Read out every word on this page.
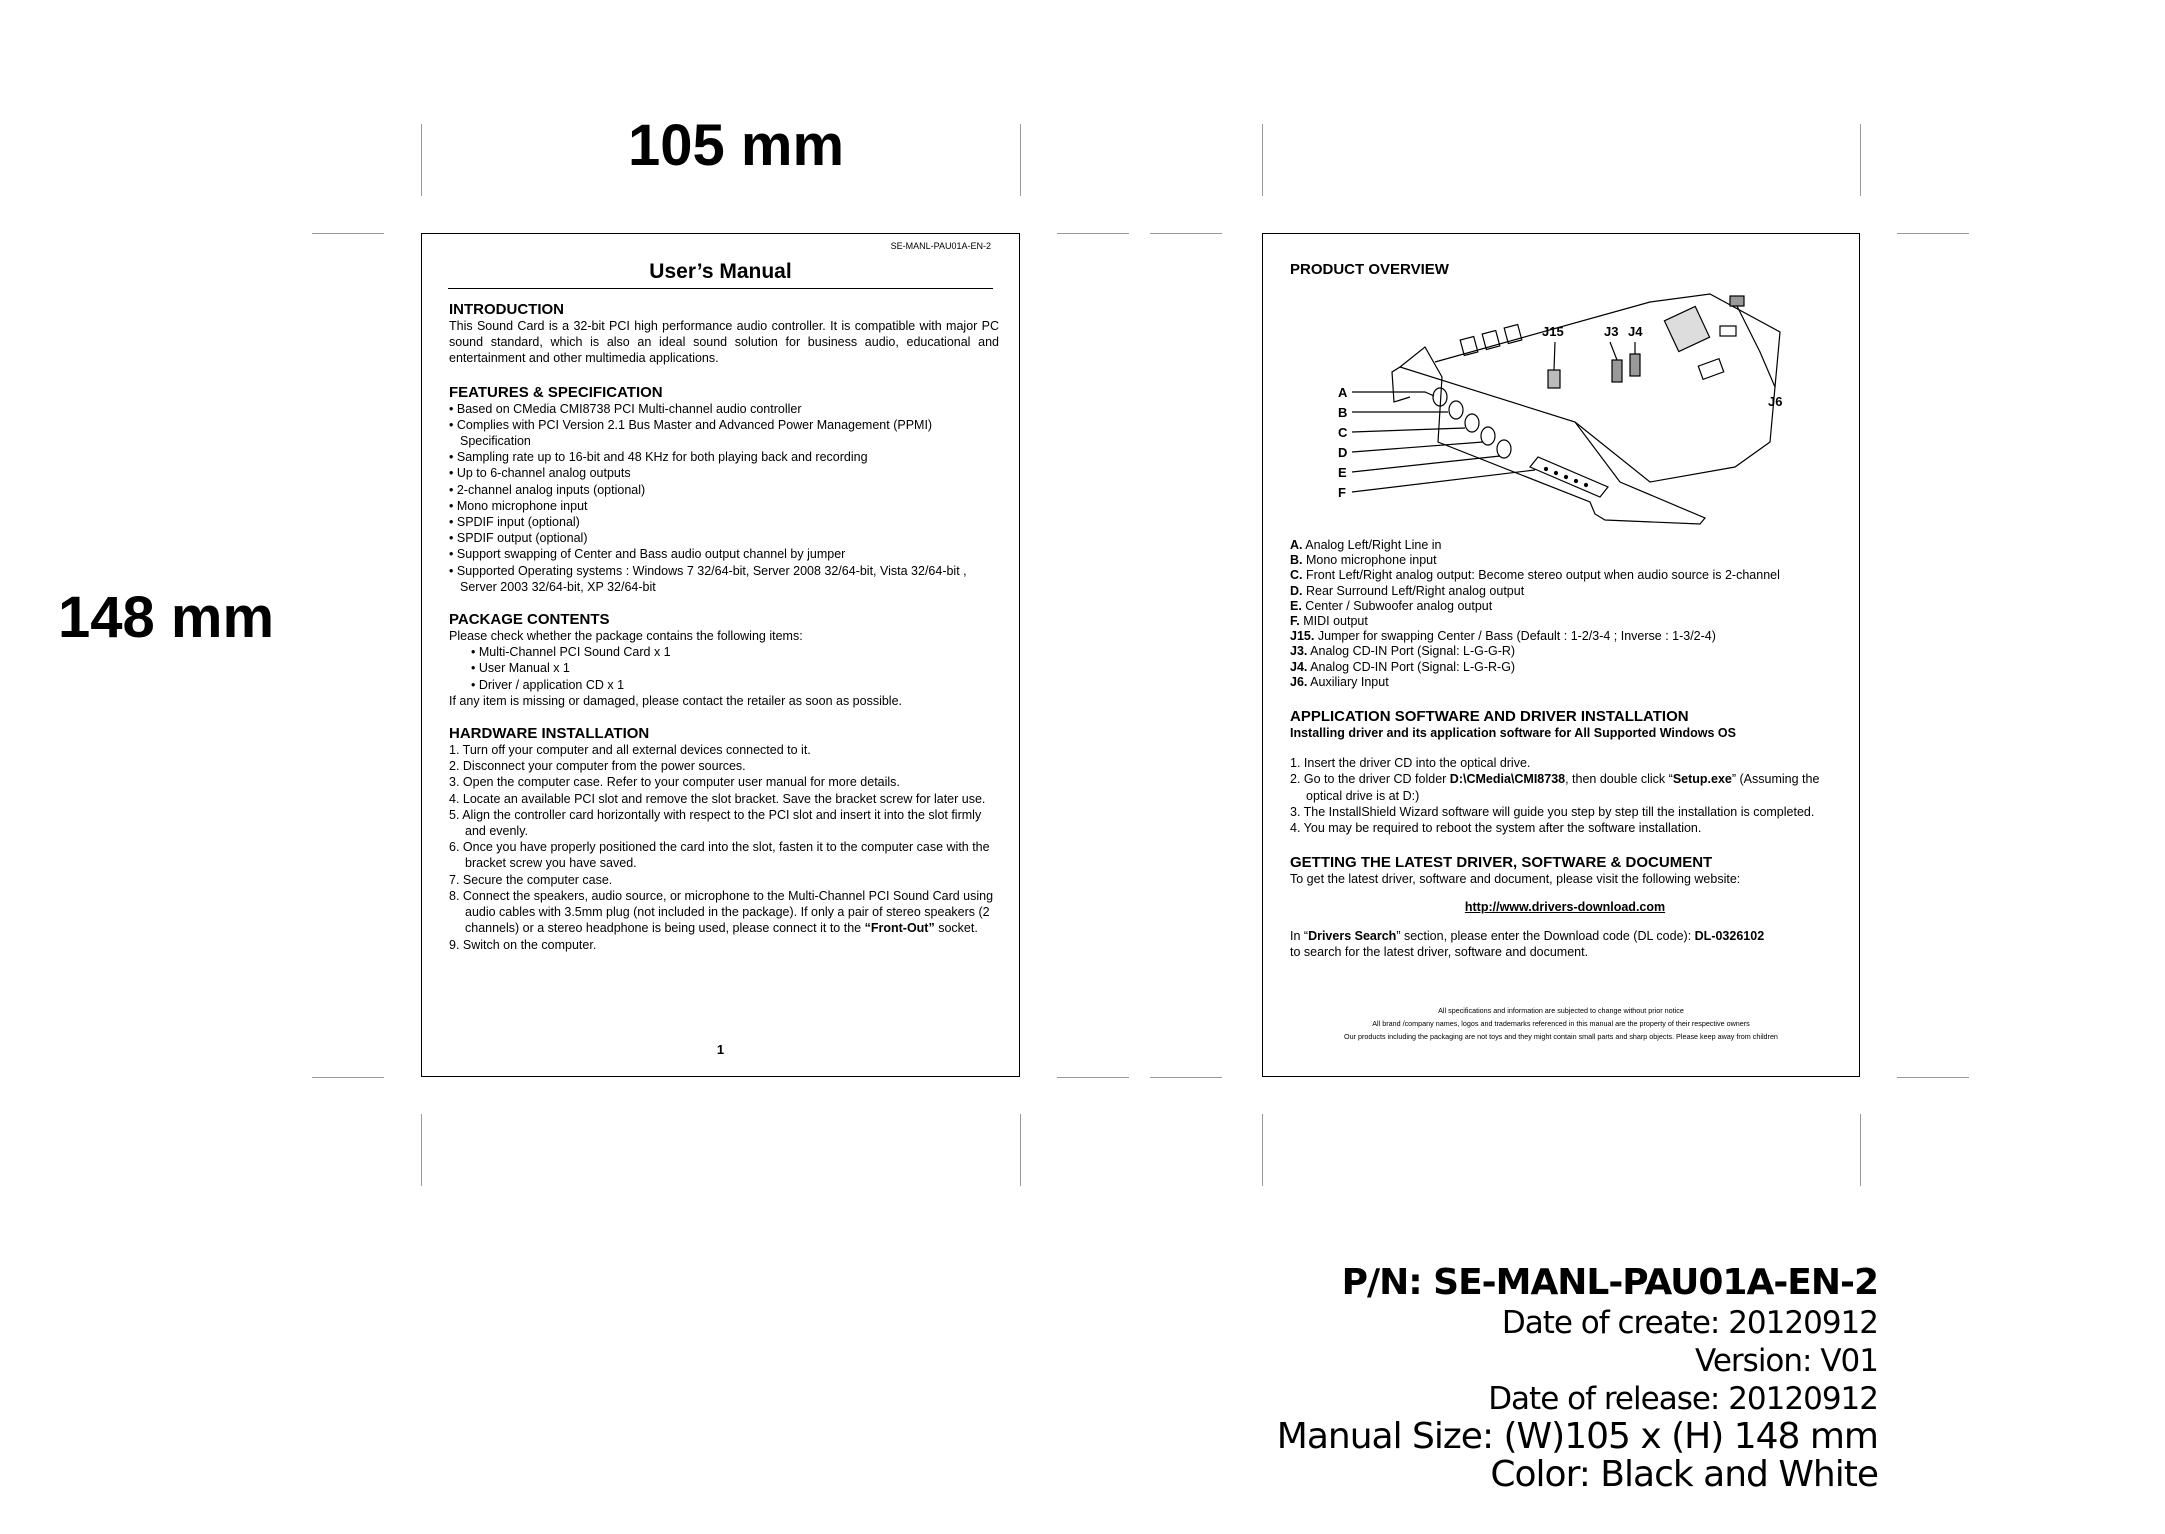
105 mm
148 mm
SE-MANL-PAU01A-EN-2
User’s Manual

INTRODUCTION

This Sound Card is a 32-bit PCI high performance audio controller. It is compatible with major PC sound standard, which is also an ideal sound solution for business audio, educational and entertainment and other multimedia applications.

FEATURES & SPECIFICATION

• Based on CMedia CMI8738 PCI Multi-channel audio controller
• Complies with PCI Version 2.1 Bus Master and Advanced Power Management (PPMI) Specification
• Sampling rate up to 16-bit and 48 KHz for both playing back and recording
• Up to 6-channel analog outputs
• 2-channel analog inputs (optional)
• Mono microphone input
• SPDIF input (optional)
• SPDIF output (optional)
• Support swapping of Center and Bass audio output channel by jumper
• Supported Operating systems : Windows 7 32/64-bit, Server 2008 32/64-bit, Vista 32/64-bit , Server 2003 32/64-bit, XP 32/64-bit

PACKAGE CONTENTS

Please check whether the package contains the following items:

• Multi-Channel PCI Sound Card x 1
• User Manual x 1
• Driver / application CD x 1

If any item is missing or damaged, please contact the retailer as soon as possible.

HARDWARE INSTALLATION

1. Turn off your computer and all external devices connected to it.
2. Disconnect your computer from the power sources.
3. Open the computer case. Refer to your computer user manual for more details.
4. Locate an available PCI slot and remove the slot bracket. Save the bracket screw for later use.
5. Align the controller card horizontally with respect to the PCI slot and insert it into the slot firmly and evenly.
6. Once you have properly positioned the card into the slot, fasten it to the computer case with the bracket screw you have saved.
7. Secure the computer case.
8. Connect the speakers, audio source, or microphone to the Multi-Channel PCI Sound Card using audio cables with 3.5mm plug (not included in the package). If only a pair of stereo speakers (2 channels) or a stereo headphone is being used, please connect it to the “Front-Out” socket.
9. Switch on the computer.
1
PRODUCT OVERVIEW
J15	J3 J4
J6
A
B
C
D
E
F
A. Analog Left/Right Line in
B. Mono microphone input
C. Front Left/Right analog output: Become stereo output when audio source is 2-channel
D. Rear Surround Left/Right analog output
E. Center / Subwoofer analog output
F. MIDI output
J15. Jumper for swapping Center / Bass (Default : 1-2/3-4 ; Inverse : 1-3/2-4)
J3. Analog CD-IN Port (Signal: L-G-G-R)
J4. Analog CD-IN Port (Signal: L-G-R-G)
J6. Auxiliary Input

APPLICATION SOFTWARE AND DRIVER INSTALLATION

Installing driver and its application software for All Supported Windows OS

1. Insert the driver CD into the optical drive.
2. Go to the driver CD folder D:\CMedia\CMI8738, then double click “Setup.exe” (Assuming the optical drive is at D:)
3. The InstallShield Wizard software will guide you step by step till the installation is completed.
4. You may be required to reboot the system after the software installation.

GETTING THE LATEST DRIVER, SOFTWARE & DOCUMENT

To get the latest driver, software and document, please visit the following website:

http://www.drivers-download.com

In “Drivers Search” section, please enter the Download code (DL code): DL-0326102

to search for the latest driver, software and document.

All specifications and information are subjected to change without prior notice
All brand /company names, logos and trademarks referenced in this manual are the property of their respective owners
Our products including the packaging are not toys and they might contain small parts and sharp objects. Please keep away from children
P/N: SE-MANL-PAU01A-EN-2
Date of create: 20120912
Version: V01
Date of release: 20120912
Manual Size: (W)105 x (H) 148 mm
Color: Black and White
